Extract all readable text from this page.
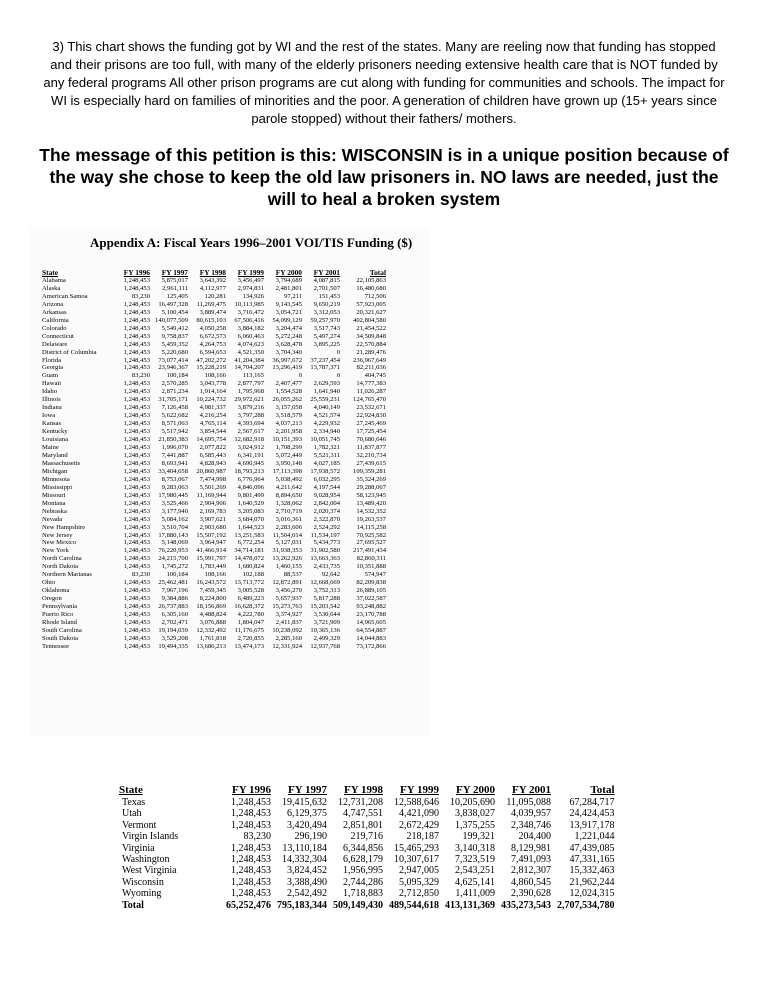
3) This chart shows the funding got by WI and the rest of the states. Many are reeling now that funding has stopped and their prisons are too full, with many of the elderly prisoners needing extensive health care that is NOT funded by any federal programs All other prison programs are cut along with funding for communities and schools. The impact for WI is especially hard on families of minorities and the poor. A generation of children have grown up (15+ years since parole stopped) without their fathers/ mothers.
The message of this petition is this: WISCONSIN is in a unique position because of the way she chose to keep the old law prisoners in. NO laws are needed, just the will to heal a broken system
Appendix A: Fiscal Years 1996–2001 VOI/TIS Funding ($)
State	FY 1996	FY 1997	FY 1998	FY 1999	FY 2000	FY 2001	Total
Alabama	1,248,453	5,875,017	3,643,392	3,456,497	3,794,689	4,087,815	22,105,863
Alaska	1,248,453	2,961,111	4,112,977	2,974,831	2,481,801	2,701,507	16,480,680
American Samoa	83,230	125,405	120,281	134,926	97,211	151,453	712,506
Arizona	1,248,453	16,497,328	11,269,475	10,113,985	9,143,545	9,650,219	57,923,005
Arkansas	1,248,453	5,100,454	3,889,474	3,716,472	3,054,721	3,312,053	20,321,627
California	1,248,453	140,077,509	80,615,103	67,506,416	54,099,129	59,257,970	402,804,580
Colorado	1,248,453	5,549,412	4,050,258	3,884,182	3,204,474	3,517,743	21,454,522
Connecticut	1,248,453	9,758,837	6,672,573	6,060,463	5,272,248	5,497,274	34,509,848
Delaware	1,248,453	5,459,352	4,264,753	4,074,623	3,628,478	3,895,225	22,570,884
District of Columbia	1,248,453	5,220,680	6,594,653	4,521,350	3,704,340	0	21,289,476
Florida	1,248,453	73,077,414	47,202,272	41,204,384	36,997,672	37,237,454	236,967,649
Georgia	1,248,453	23,946,367	15,228,219	14,704,207	13,296,419	13,787,371	82,211,036
Guam	83,230	100,184	108,166	113,165	0	0	404,745
Hawaii	1,248,453	2,570,285	3,043,778	2,877,797	2,407,477	2,629,593	14,777,383
Idaho	1,248,453	2,871,234	1,914,164	1,795,968	1,554,528	1,641,940	11,026,287
Illinois	1,248,453	31,705,171	10,224,732	29,972,621	26,055,262	25,559,231	124,765,470
Indiana	1,248,453	7,126,458	4,081,337	3,879,216	3,157,058	4,040,149	23,532,671
Iowa	1,248,453	5,622,682	4,216,254	3,797,288	3,518,579	4,521,574	22,924,830
Kansas	1,248,453	8,571,063	4,765,114	4,393,694	4,037,213	4,229,932	27,245,469
Kentucky	1,248,453	5,517,942	3,854,544	2,567,617	2,201,958	2,334,940	17,725,454
Louisiana	1,248,453	21,850,383	14,695,754	12,682,918	10,151,393	10,051,745	70,680,646
Maine	1,248,453	1,996,070	2,077,822	3,024,912	1,708,299	1,782,321	11,837,877
Maryland	1,248,453	7,441,887	6,585,443	6,341,191	5,072,449	5,521,311	32,210,734
Massachusetts	1,248,453	8,693,941	4,828,943	4,690,945	3,950,148	4,027,185	27,439,615
Michigan	1,248,453	33,404,658	20,860,987	18,793,213	17,113,398	17,938,572	109,359,281
Minnesota	1,248,453	8,753,067	7,474,998	6,776,964	5,038,492	6,032,295	35,324,269
Mississippi	1,248,453	9,283,063	5,501,269	4,846,096	4,211,642	4,197,544	29,288,067
Missouri	1,248,453	17,980,445	11,169,944	9,801,499	8,894,650	9,028,954	58,123,945
Montana	1,248,453	3,525,466	2,904,906	1,640,529	1,328,062	2,842,004	13,489,420
Nebraska	1,248,453	3,177,940	2,169,783	3,205,083	2,710,719	2,020,374	14,532,352
Nevada	1,248,453	5,084,162	3,907,621	3,684,070	3,016,361	2,322,870	19,263,537
New Hampshire	1,248,453	3,510,704	2,903,680	1,644,523	2,283,606	2,524,292	14,115,258
New Jersey	1,248,453	17,880,143	15,507,192	13,251,583	11,504,014	11,534,197	70,925,582
New Mexico	1,248,453	5,148,069	3,964,947	6,772,254	5,127,031	5,434,773	27,695,527
New York	1,248,453	76,220,953	41,466,914	34,714,181	31,938,353	31,902,580	217,491,434
North Carolina	1,248,453	24,215,700	15,991,797	14,478,072	13,262,926	13,663,363	82,860,311
North Dakota	1,248,453	1,745,272	1,783,449	1,680,824	1,460,155	2,433,735	10,351,888
Northern Marianas	83,230	100,184	108,166	102,188	88,537	92,642	574,947
Ohio	1,248,453	25,462,481	16,243,572	13,713,772	12,872,891	12,668,669	82,209,838
Oklahoma	1,248,453	7,967,196	7,459,345	3,005,528	3,456,270	3,752,313	26,889,105
Oregon	1,248,453	9,384,886	8,224,800	6,489,223	5,657,937	5,817,288	37,022,587
Pennsylvania	1,248,453	26,737,883	18,156,869	16,628,372	15,273,763	15,203,542	93,248,882
Puerto Rico	1,248,453	6,305,160	4,488,824	4,222,780	3,374,927	3,530,644	23,170,788
Rhode Island	1,248,453	2,702,471	3,076,888	1,804,047	2,411,837	3,721,909	14,965,605
South Carolina	1,248,453	19,194,039	12,332,492	11,176,675	10,238,092	10,365,136	64,554,887
South Dakota	1,248,453	3,529,208	1,761,818	2,720,855	2,285,160	2,499,329	14,044,883
Tennessee	1,248,453	19,494,335	13,686,213	13,474,173	12,331,924	12,937,768	73,172,866
State	FY 1996	FY 1997	FY 1998	FY 1999	FY 2000	FY 2001	Total
Texas	1,248,453	19,415,632	12,731,208	12,588,646	10,205,690	11,095,088	67,284,717
Utah	1,248,453	6,129,375	4,747,551	4,421,090	3,838,027	4,039,957	24,424,453
Vermont	1,248,453	3,420,494	2,851,801	2,672,429	1,375,255	2,348,746	13,917,178
Virgin Islands	83,230	296,190	219,716	218,187	199,321	204,400	1,221,044
Virginia	1,248,453	13,110,184	6,344,856	15,465,293	3,140,318	8,129,981	47,439,085
Washington	1,248,453	14,332,304	6,628,179	10,307,617	7,323,519	7,491,093	47,331,165
West Virginia	1,248,453	3,824,452	1,956,995	2,947,005	2,543,251	2,812,307	15,332,463
Wisconsin	1,248,453	3,388,490	2,744,286	5,095,329	4,625,141	4,860,545	21,962,244
Wyoming	1,248,453	2,542,492	1,718,883	2,712,850	1,411,009	2,390,628	12,024,315
Total	65,252,476	795,183,344	509,149,430	489,544,618	413,131,369	435,273,543	2,707,534,780
